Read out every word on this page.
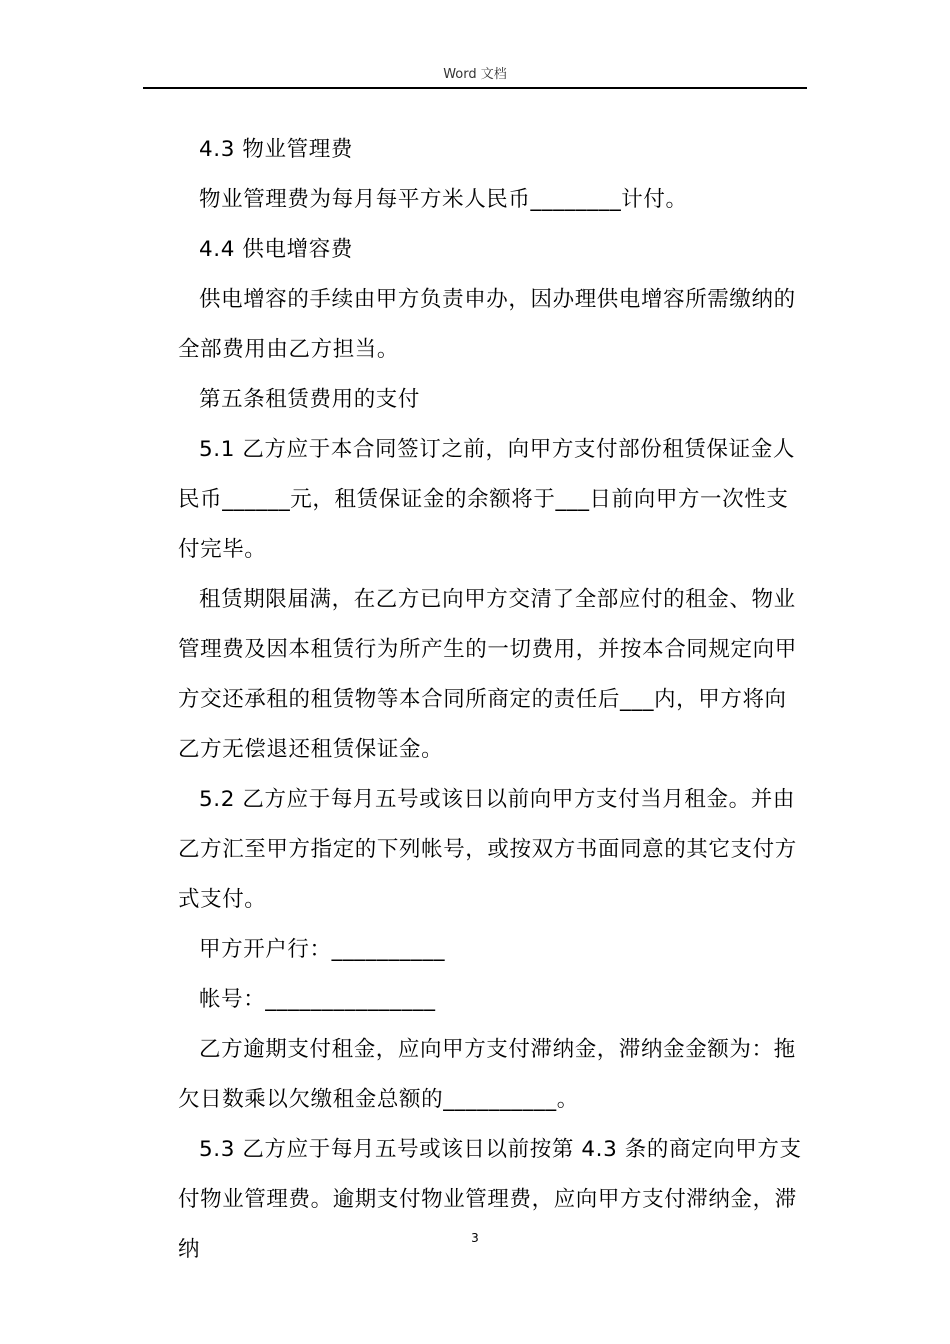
Word 文档

4.3 物业管理费

物业管理费为每月每平方米人民币________计付。

4.4 供电增容费

供电增容的手续由甲方负责申办，因办理供电增容所需缴纳的全部费用由乙方担当。

第五条租赁费用的支付

5.1 乙方应于本合同签订之前，向甲方支付部份租赁保证金人民币______元，租赁保证金的余额将于___日前向甲方一次性支付完毕。

租赁期限届满，在乙方已向甲方交清了全部应付的租金、物业管理费及因本租赁行为所产生的一切费用，并按本合同规定向甲方交还承租的租赁物等本合同所商定的责任后___内，甲方将向乙方无偿退还租赁保证金。

5.2 乙方应于每月五号或该日以前向甲方支付当月租金。并由乙方汇至甲方指定的下列帐号，或按双方书面同意的其它支付方式支付。

甲方开户行：__________

帐号：_______________

乙方逾期支付租金，应向甲方支付滞纳金，滞纳金金额为：拖欠日数乘以欠缴租金总额的__________。

5.3 乙方应于每月五号或该日以前按第 4.3 条的商定向甲方支付物业管理费。逾期支付物业管理费，应向甲方支付滞纳金，滞纳	3
